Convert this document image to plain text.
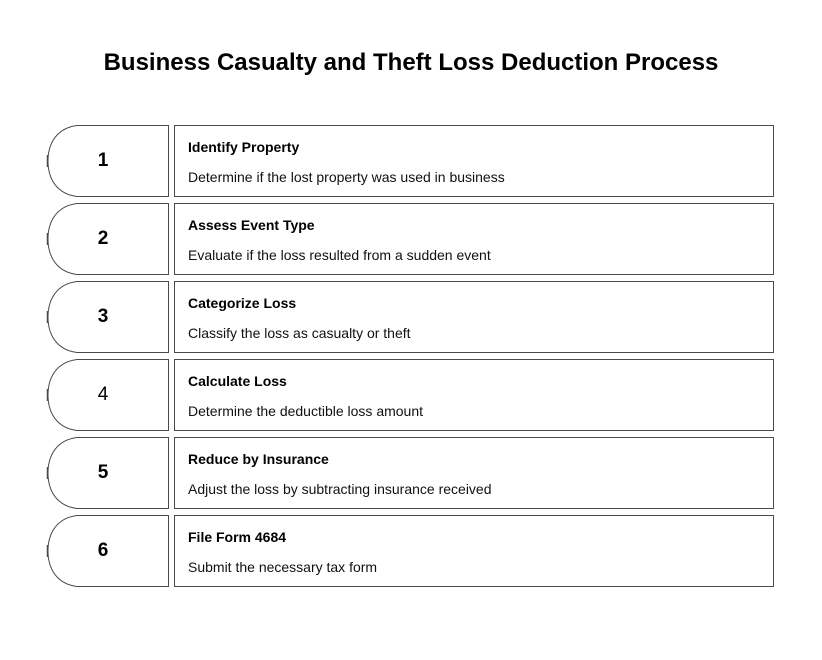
Business Casualty and Theft Loss Deduction Process
1
Identify Property
Determine if the lost property was used in business
2
Assess Event Type
Evaluate if the loss resulted from a sudden event
3
Categorize Loss
Classify the loss as casualty or theft
4
Calculate Loss
Determine the deductible loss amount
5
Reduce by Insurance
Adjust the loss by subtracting insurance received
6
File Form 4684
Submit the necessary tax form
